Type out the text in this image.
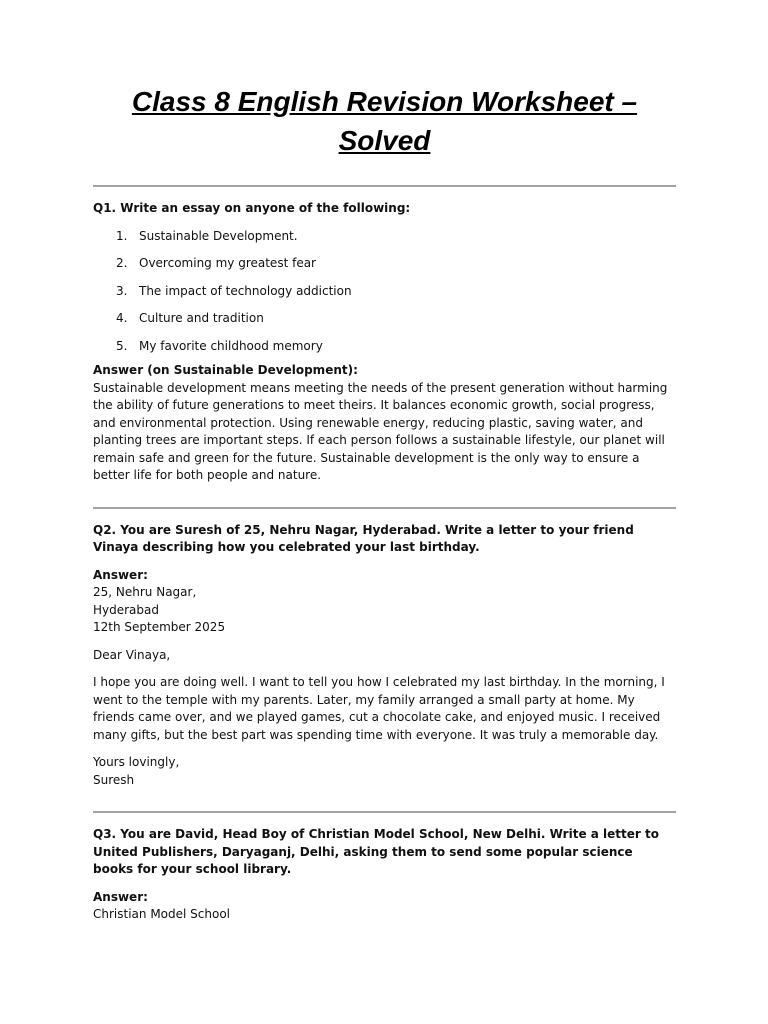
Class 8 English Revision Worksheet – Solved

Q1. Write an essay on anyone of the following:

1. Sustainable Development.
2. Overcoming my greatest fear
3. The impact of technology addiction
4. Culture and tradition
5. My favorite childhood memory

Answer (on Sustainable Development):

Sustainable development means meeting the needs of the present generation without harming the ability of future generations to meet theirs. It balances economic growth, social progress, and environmental protection. Using renewable energy, reducing plastic, saving water, and planting trees are important steps. If each person follows a sustainable lifestyle, our planet will remain safe and green for the future. Sustainable development is the only way to ensure a better life for both people and nature.

Q2. You are Suresh of 25, Nehru Nagar, Hyderabad. Write a letter to your friend Vinaya describing how you celebrated your last birthday.

Answer:

25, Nehru Nagar,

Hyderabad

12th September 2025

Dear Vinaya,

I hope you are doing well. I want to tell you how I celebrated my last birthday. In the morning, I went to the temple with my parents. Later, my family arranged a small party at home. My friends came over, and we played games, cut a chocolate cake, and enjoyed music. I received many gifts, but the best part was spending time with everyone. It was truly a memorable day.

Yours lovingly,

Suresh

Q3. You are David, Head Boy of Christian Model School, New Delhi. Write a letter to United Publishers, Daryaganj, Delhi, asking them to send some popular science books for your school library.

Answer:

Christian Model School
